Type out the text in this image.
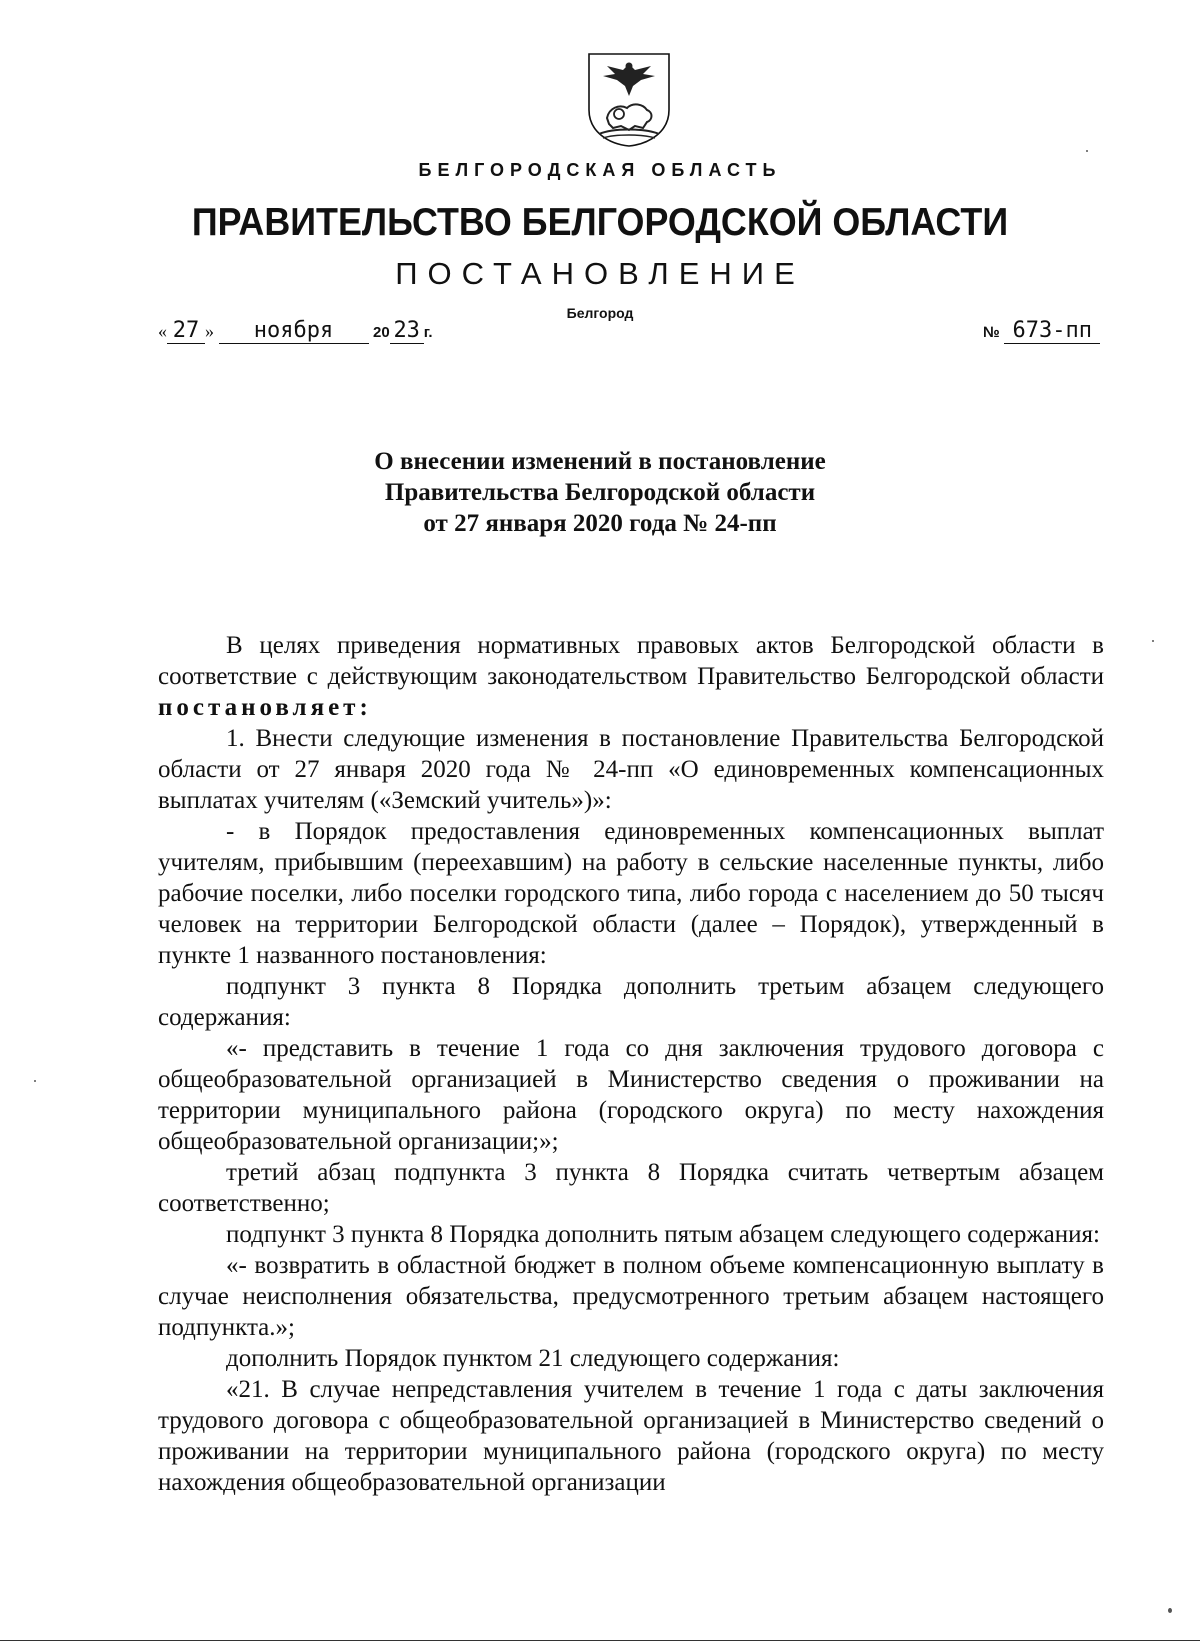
БЕЛГОРОДСКАЯ ОБЛАСТЬ
ПРАВИТЕЛЬСТВО БЕЛГОРОДСКОЙ ОБЛАСТИ
ПОСТАНОВЛЕНИЕ
Белгород
« 27 » ноября	20 23 г.	№ 673-пп
О внесении изменений в постановление
Правительства Белгородской области
от 27 января 2020 года № 24-пп

В целях приведения нормативных правовых актов Белгородской области в соответствие с действующим законодательством Правительство Белгородской области постановляет:

1. Внести следующие изменения в постановление Правительства Белгородской области от 27 января 2020 года № 24-пп «О единовременных компенсационных выплатах учителям («Земский учитель»)»:

- в Порядок предоставления единовременных компенсационных выплат учителям, прибывшим (переехавшим) на работу в сельские населенные пункты, либо рабочие поселки, либо поселки городского типа, либо города с населением до 50 тысяч человек на территории Белгородской области (далее – Порядок), утвержденный в пункте 1 названного постановления:

подпункт 3 пункта 8 Порядка дополнить третьим абзацем следующего содержания:

«- представить в течение 1 года со дня заключения трудового договора с общеобразовательной организацией в Министерство сведения о проживании на территории муниципального района (городского округа) по месту нахождения общеобразовательной организации;»;

третий абзац подпункта 3 пункта 8 Порядка считать четвертым абзацем соответственно;

подпункт 3 пункта 8 Порядка дополнить пятым абзацем следующего содержания:

«- возвратить в областной бюджет в полном объеме компенсационную выплату в случае неисполнения обязательства, предусмотренного третьим абзацем настоящего подпункта.»;

дополнить Порядок пунктом 21 следующего содержания:

«21. В случае непредставления учителем в течение 1 года с даты заключения трудового договора с общеобразовательной организацией в Министерство сведений о проживании на территории муниципального района (городского округа) по месту нахождения общеобразовательной организации
